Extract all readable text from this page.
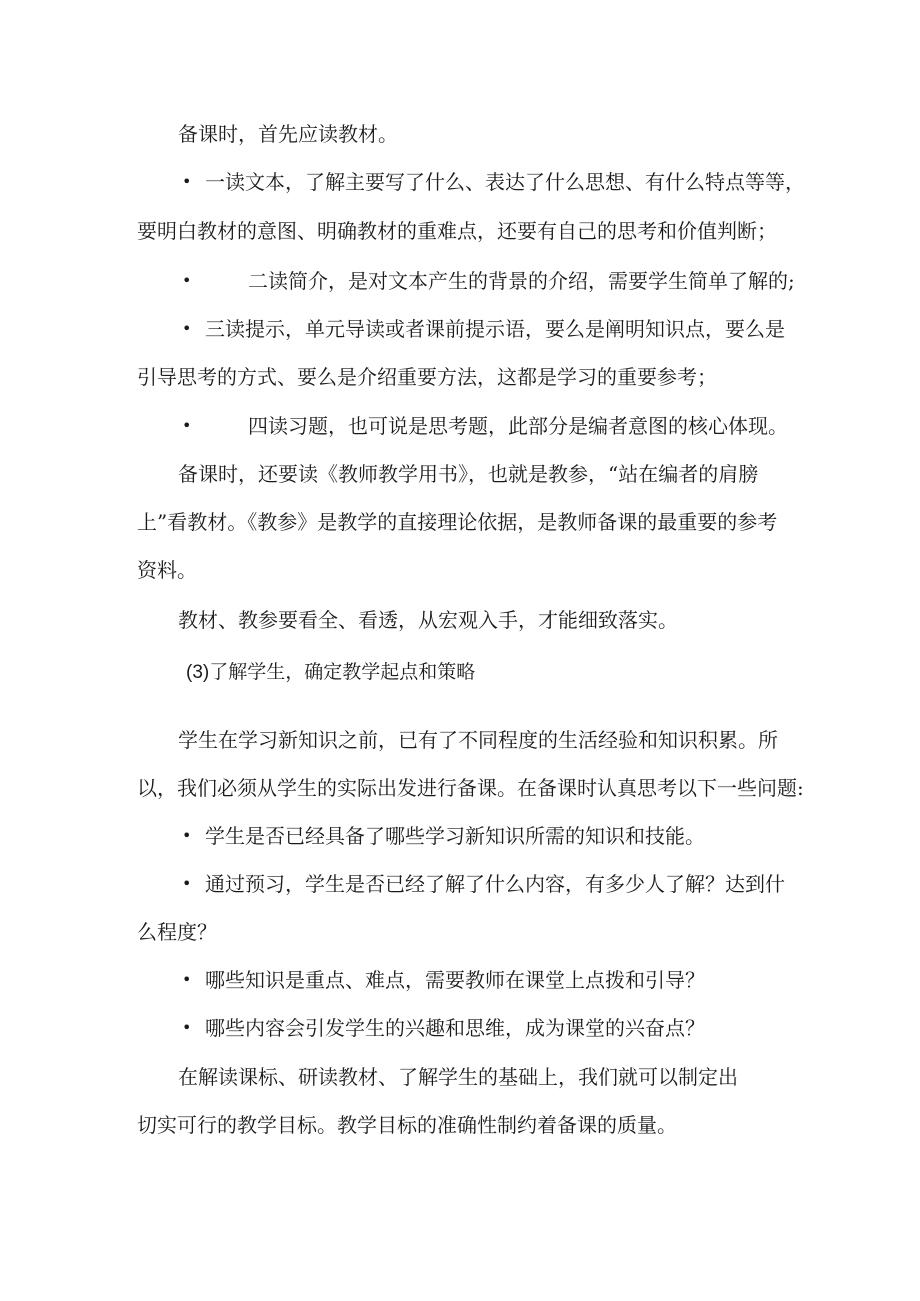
备课时，首先应读教材。
• 一读文本，了解主要写了什么、表达了什么思想、有什么特点等等，
要明白教材的意图、明确教材的重难点，还要有自己的思考和价值判断；
•	二读简介，是对文本产生的背景的介绍，需要学生简单了解的;
• 三读提示，单元导读或者课前提示语，要么是阐明知识点，要么是
引导思考的方式、要么是介绍重要方法，这都是学习的重要参考；
•	四读习题，也可说是思考题，此部分是编者意图的核心体现。
备课时，还要读《教师教学用书》，也就是教参，“站在编者的肩膀
上”看教材。《教参》是教学的直接理论依据，是教师备课的最重要的参考
资料。
教材、教参要看全、看透，从宏观入手，才能细致落实。
(3)了解学生，确定教学起点和策略
学生在学习新知识之前，已有了不同程度的生活经验和知识积累。所
以，我们必须从学生的实际出发进行备课。在备课时认真思考以下一些问题:
• 学生是否已经具备了哪些学习新知识所需的知识和技能。
• 通过预习，学生是否已经了解了什么内容，有多少人了解？达到什
么程度？
• 哪些知识是重点、难点，需要教师在课堂上点拨和引导？
• 哪些内容会引发学生的兴趣和思维，成为课堂的兴奋点？
在解读课标、研读教材、了解学生的基础上，我们就可以制定出
切实可行的教学目标。教学目标的准确性制约着备课的质量。
